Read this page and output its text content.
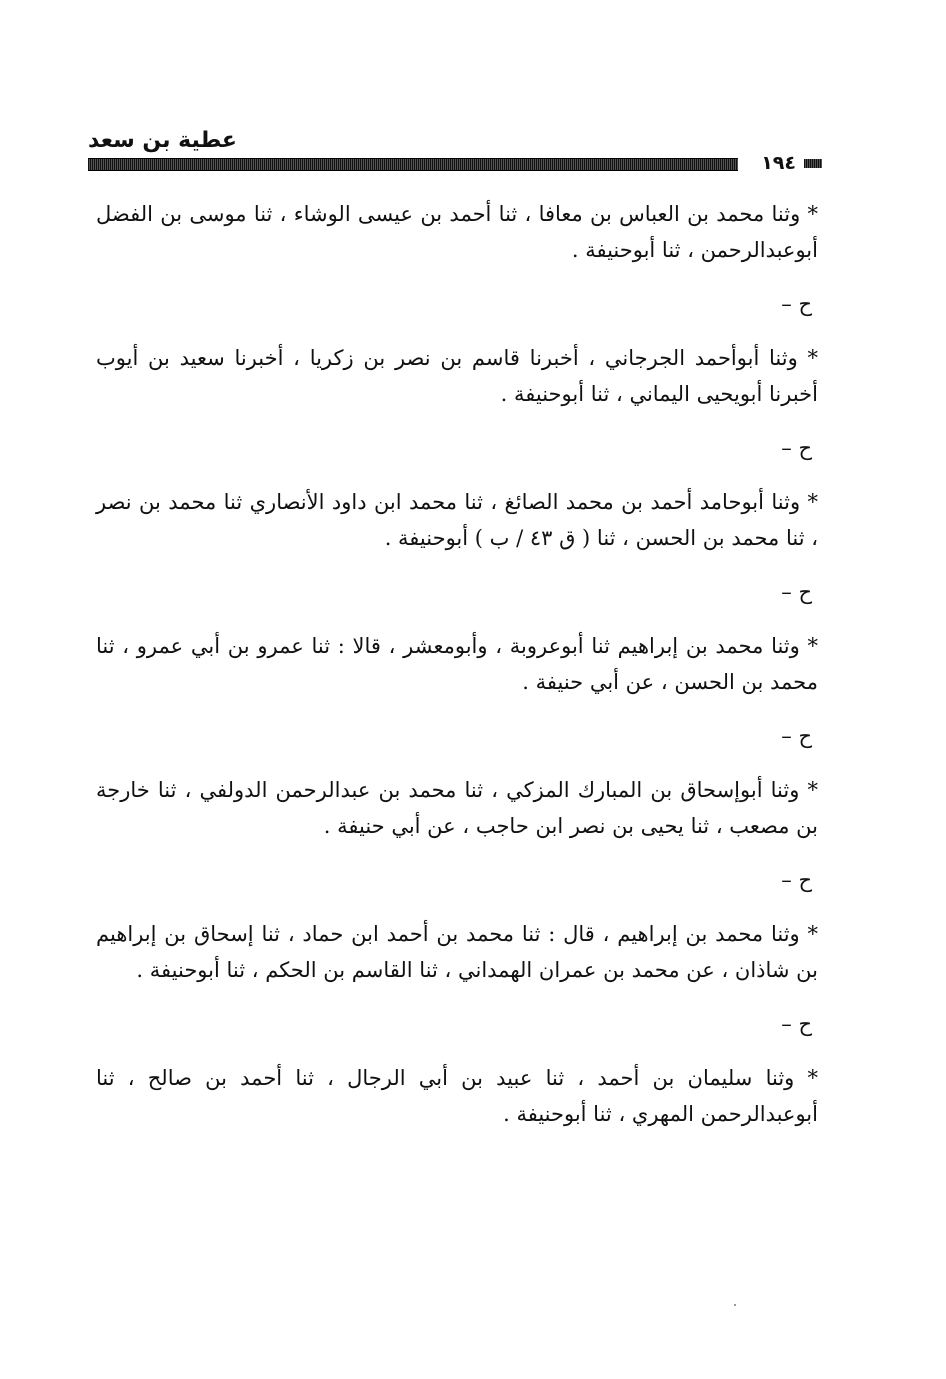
عطية بن سعد
١٩٤

* وثنا محمد بن العباس بن معافا ، ثنا أحمد بن عيسى الوشاء ، ثنا موسى بن الفضل أبوعبدالرحمن ، ثنا أبوحنيفة .

ح –

* وثنا أبوأحمد الجرجاني ، أخبرنا قاسم بن نصر بن زكريا ، أخبرنا سعيد بن أيوب أخبرنا أبويحيى اليماني ، ثنا أبوحنيفة .

ح –

* وثنا أبوحامد أحمد بن محمد الصائغ ، ثنا محمد ابن داود الأنصاري ثنا محمد بن نصر ، ثنا محمد بن الحسن ، ثنا ( ق ٤٣ / ب ) أبوحنيفة .

ح –

* وثنا محمد بن إبراهيم ثنا أبوعروبة ، وأبومعشر ، قالا : ثنا عمرو بن أبي عمرو ، ثنا محمد بن الحسن ، عن أبي حنيفة .

ح –

* وثنا أبوإسحاق بن المبارك المزكي ، ثنا محمد بن عبدالرحمن الدولفي ، ثنا خارجة بن مصعب ، ثنا يحيى بن نصر ابن حاجب ، عن أبي حنيفة .

ح –

* وثنا محمد بن إبراهيم ، قال : ثنا محمد بن أحمد ابن حماد ، ثنا إسحاق بن إبراهيم بن شاذان ، عن محمد بن عمران الهمداني ، ثنا القاسم بن الحكم ، ثنا أبوحنيفة .

ح –

* وثنا سليمان بن أحمد ، ثنا عبيد بن أبي الرجال ، ثنا أحمد بن صالح ، ثنا أبوعبدالرحمن المهري ، ثنا أبوحنيفة .
